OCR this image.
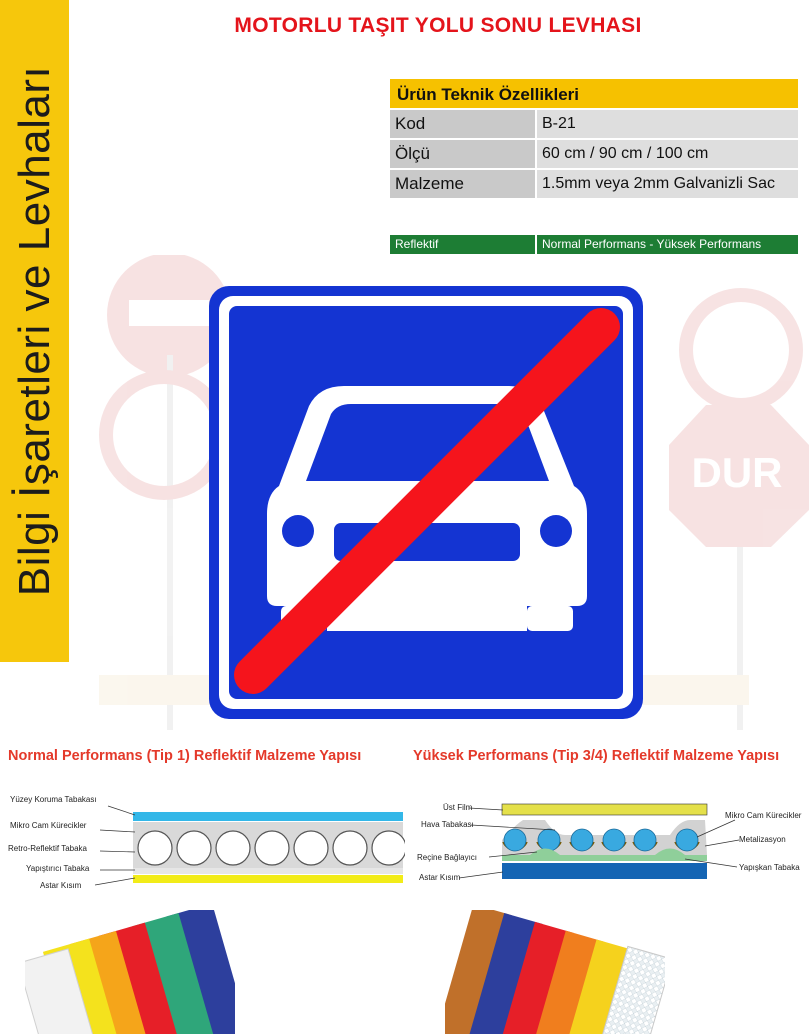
Bilgi İşaretleri ve Levhaları
MOTORLU TAŞIT YOLU SONU LEVHASI
Ürün Teknik Özellikleri
Kod	B-21
Ölçü	60 cm / 90 cm / 100 cm
Malzeme	1.5mm veya 2mm Galvanizli Sac
Reflektif	Normal Performans - Yüksek Performans
DUR
Normal Performans (Tip 1) Reflektif Malzeme Yapısı	Yüksek Performans (Tip 3/4) Reflektif Malzeme Yapısı
Yüzey Koruma Tabakası
Mikro Cam Kürecikler
Retro-Reflektif Tabaka
Yapıştırıcı Tabaka
Astar Kısım
Üst Film
Hava Tabakası
Reçine Bağlayıcı
Astar Kısım
Mikro Cam Kürecikler
Metalizasyon
Yapışkan Tabaka
